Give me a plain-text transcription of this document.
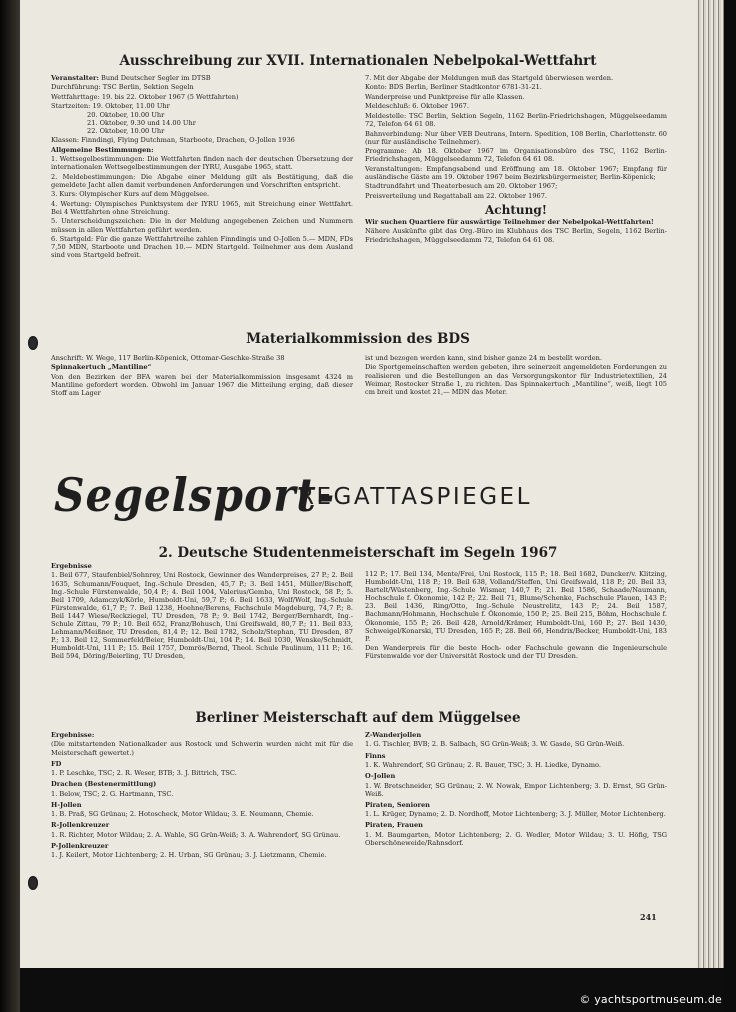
Ausschreibung zur XVII. Internationalen Nebelpokal-Wettfahrt

Veranstalter: Bund Deutscher Segler im DTSB

Durchführung: TSC Berlin, Sektion Segeln

Wettfahrttage: 19. bis 22. Oktober 1967 (5 Wettfahrten)

Startzeiten: 19. Oktober, 11.00 Uhr

20. Oktober, 10.00 Uhr

21. Oktober, 9.30 und 14.00 Uhr

22. Oktober, 10.00 Uhr

Klassen: Finndingi, Flying Dutchman, Starboote, Drachen, O-Jollen 1936

Allgemeine Bestimmungen:

1. Wettsegelbestimmungen: Die Wettfahrten finden nach der deutschen Übersetzung der internationalen Wettsegelbestimmungen der IYRU, Ausgabe 1965, statt.
2. Meldebestimmungen: Die Abgabe einer Meldung gilt als Bestätigung, daß die gemeldete Jacht allen damit verbundenen Anforderungen und Vorschriften entspricht.
3. Kurs: Olympischer Kurs auf dem Müggelsee.
4. Wertung: Olympisches Punktsystem der IYRU 1965, mit Streichung einer Wettfahrt. Bei 4 Wettfahrten ohne Streichung.
5. Unterscheidungszeichen: Die in der Meldung angegebenen Zeichen und Nummern müssen in allen Wettfahrten geführt werden.
6. Startgeld: Für die ganze Wettfahrtreihe zahlen Finndingis und O-Jollen 5.— MDN, FDs 7,50 MDN, Starboote und Drachen 10.— MDN Startgeld. Teilnehmer aus dem Ausland sind vom Startgeld befreit.

7. Mit der Abgabe der Meldungen muß das Startgeld überwiesen werden.

Konto: BDS Berlin, Berliner Stadtkontor 6781-31-21.

Wanderpreise und Punktpreise für alle Klassen.

Meldeschluß: 6. Oktober 1967.

Meldestelle: TSC Berlin, Sektion Segeln, 1162 Berlin-Friedrichshagen, Müggelseedamm 72, Telefon 64 61 08.

Bahnverbindung: Nur über VEB Deutrans, Intern. Spedition, 108 Berlin, Charlottenstr. 60 (nur für ausländische Teilnehmer).

Programme: Ab 18. Oktober 1967 im Organisationsbüro des TSC, 1162 Berlin-Friedrichshagen, Müggelseedamm 72, Telefon 64 61 08.

Veranstaltungen: Empfangsabend und Eröffnung am 18. Oktober 1967; Empfang für ausländische Gäste am 19. Oktober 1967 beim Bezirksbürgermeister, Berlin-Köpenick;

Stadtrundfahrt und Theaterbesuch am 20. Oktober 1967;

Preisverteilung und Regattaball am 22. Oktober 1967.

Achtung!

Wir suchen Quartiere für auswärtige Teilnehmer der Nebelpokal-Wettfahrten!

Nähere Auskünfte gibt das Org.-Büro im Klubhaus des TSC Berlin, Segeln, 1162 Berlin-Friedrichshagen, Müggelseedamm 72, Telefon 64 61 08.

Materialkommission des BDS

Anschrift: W. Wege, 117 Berlin-Köpenick, Ottomar-Geschke-Straße 38

Spinnakertuch „Mantiline“

Von den Bezirken der BFA waren bei der Materialkommission insgesamt 4324 m Mantiline gefordert worden. Obwohl im Januar 1967 die Mitteilung erging, daß dieser Stoff am Lager

ist und bezogen werden kann, sind bisher ganze 24 m bestellt worden.

Die Sportgemeinschaften werden gebeten, ihre seinerzeit angemeldeten Forderungen zu realisieren und die Bestellungen an das Versorgungskontor für Industrietextilien, 24 Weimar, Rostocker Straße 1, zu richten. Das Spinnakertuch „Mantiline“, weiß, liegt 105 cm breit und kostet 21,— MDN das Meter.

Segelsport-
REGATTASPIEGEL
2. Deutsche Studentenmeisterschaft im Segeln 1967

Ergebnisse

1. Beil 677, Staufenbiel/Sohnrey, Uni Rostock, Gewinner des Wanderpreises, 27 P.; 2. Beil 1635, Schumann/Fouquet, Ing.-Schule Dresden, 45,7 P.; 3. Beil 1451, Müller/Bischoff, Ing.-Schule Fürstenwalde, 50,4 P.; 4. Beil 1004, Valerius/Gemba, Uni Rostock, 58 P.; 5. Beil 1709, Adamczyk/Körle, Humboldt-Uni, 59,7 P.; 6. Beil 1633, Wolf/Wolf, Ing.-Schule Fürstenwalde, 61,7 P.; 7. Beil 1238, Hoehne/Berens, Fachschule Magdeburg, 74,7 P.; 8. Beil 1447 Wiese/Reckziegel, TU Dresden, 78 P.; 9. Beil 1742, Berger/Bernhardt, Ing.-Schule Zittau, 79 P.; 10. Beil 652, Franz/Bohusch, Uni Greifswald, 80,7 P.; 11. Beil 833, Lehmann/Meißner, TU Dresden, 81,4 P.; 12. Beil 1782, Scholz/Stephan, TU Dresden, 87 P.; 13. Beil 12, Sommerfeld/Beier, Humboldt-Uni, 104 P.; 14. Beil 1030, Wenske/Schmidt, Humboldt-Uni, 111 P.; 15. Beil 1757, Domrös/Bernd, Theol. Schule Paulinum, 111 P.; 16. Beil 594, Döring/Beierling, TU Dresden,

112 P.; 17. Beil 134, Mente/Frei, Uni Rostock, 115 P.; 18. Beil 1682, Duncker/v. Klitzing, Humboldt-Uni, 118 P.; 19. Beil 638, Volland/Steffen, Uni Greifswald, 118 P.; 20. Beil 33, Bartelt/Wüstenberg, Ing.-Schule Wismar, 140,7 P.; 21. Beil 1586, Schaade/Naumann, Hochschule f. Ökonomie, 142 P.; 22. Beil 71, Blume/Schenke, Fachschule Plauen, 143 P.; 23. Beil 1436, Ring/Otto, Ing.-Schule Neustrelitz, 143 P.; 24. Beil 1587, Bachmann/Hohmann, Hochschule f. Ökonomie, 150 P.; 25. Beil 215, Böhm, Hochschule f. Ökonomie, 155 P.; 26. Beil 428, Arnold/Krämer, Humboldt-Uni, 160 P.; 27. Beil 1430, Schweigel/Konarski, TU Dresden, 165 P.; 28. Beil 66, Hendrix/Becker, Humboldt-Uni, 183 P.

Den Wanderpreis für die beste Hoch- oder Fachschule gewann die Ingenieurschule Fürstenwalde vor der Universität Rostock und der TU Dresden.

Berliner Meisterschaft auf dem Müggelsee

Ergebnisse:

(Die mitstartenden Nationalkader aus Rostock und Schwerin wurden nicht mit für die Meisterschaft gewertet.)

FD

1. P. Leschke, TSC; 2. R. Weser, BTB; 3. J. Bittrich, TSC.

Drachen (Bestenermittlung)

1. Below, TSC; 2. G. Hartmann, TSC.

H-Jollen

1. B. Praß, SG Grünau; 2. Hotoscheck, Motor Wildau; 3. E. Neumann, Chemie.

R-Jollenkreuzer

1. R. Richter, Motor Wildau; 2. A. Wahle, SG Grün-Weiß; 3. A. Wahrendorf, SG Grünau.

P-Jollenkreuzer

1. J. Keilert, Motor Lichtenberg; 2. H. Urban, SG Grünau; 3. J. Lietzmann, Chemie.

Z-Wanderjollen

1. G. Tischler, BVB; 2. B. Salbach, SG Grün-Weiß; 3. W. Gasde, SG Grün-Weiß.

Finns

1. K. Wahrendorf, SG Grünau; 2. R. Bauer, TSC; 3. H. Liedke, Dynamo.

O-Jollen

1. W. Bretschneider, SG Grünau; 2. W. Nowak, Empor Lichtenberg; 3. D. Ernst, SG Grün-Weiß.

Piraten, Senioren

1. L. Krüger, Dynamo; 2. D. Nordhoff, Motor Lichtenberg; 3. J. Müller, Motor Lichtenberg.

Piraten, Frauen

1. M. Baumgarten, Motor Lichtenberg; 2. G. Wedler, Motor Wildau; 3. U. Höfig, TSG Oberschöneweide/Rahnsdorf.

241
© yachtsportmuseum.de
